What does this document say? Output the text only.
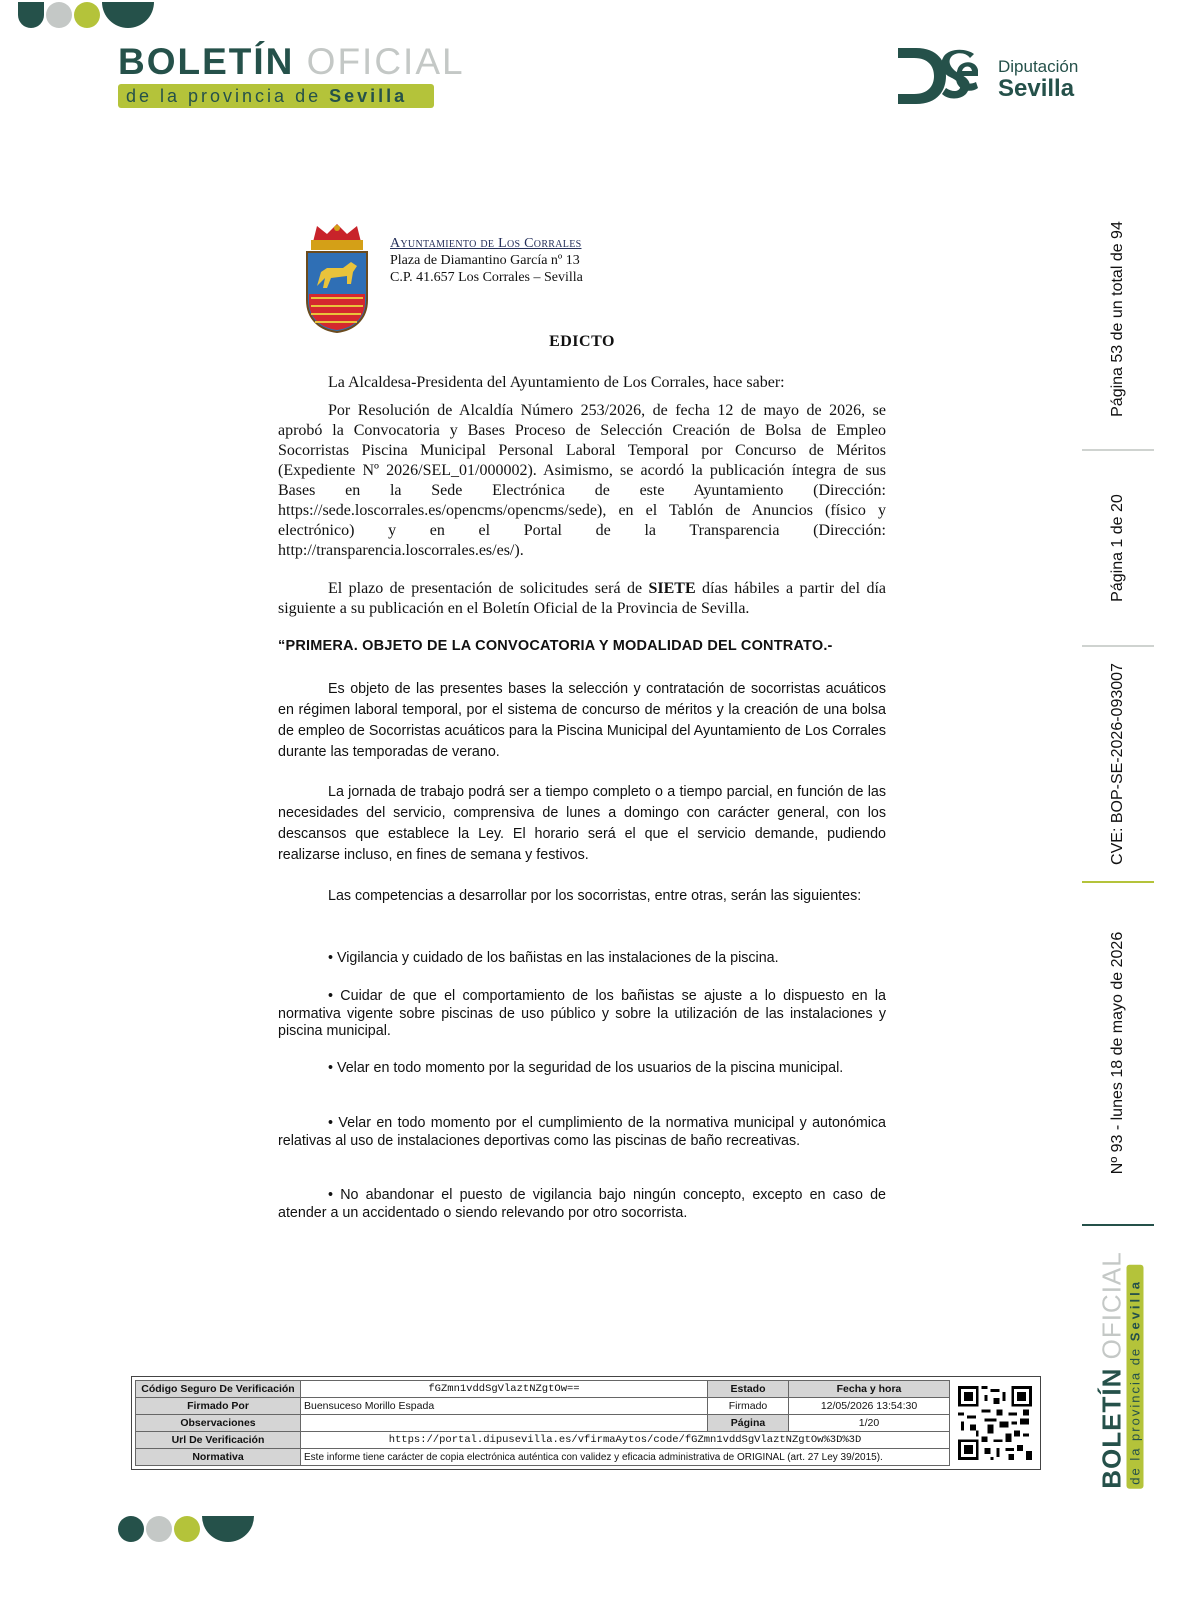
BOLETÍN OFICIAL
de la provincia de Sevilla
Diputación
Sevilla
Página 53 de un total de 94
Página 1 de 20
CVE: BOP-SE-2026-093007
Nº 93 - lunes 18 de mayo de 2026
Ayuntamiento de Los Corrales
Plaza de Diamantino García nº 13
C.P. 41.657 Los Corrales – Sevilla
EDICTO
La Alcaldesa-Presidenta del Ayuntamiento de Los Corrales, hace saber:
Por Resolución de Alcaldía Número 253/2026, de fecha 12 de mayo de 2026, se aprobó la Convocatoria y Bases Proceso de Selección Creación de Bolsa de Empleo Socorristas Piscina Municipal Personal Laboral Temporal por Concurso de Méritos (Expediente Nº 2026/SEL_01/000002). Asimismo, se acordó la publicación íntegra de sus Bases en la Sede Electrónica de este Ayuntamiento (Dirección: https://sede.loscorrales.es/opencms/opencms/sede), en el Tablón de Anuncios (físico y electrónico) y en el Portal de la Transparencia (Dirección: http://transparencia.loscorrales.es/es/).
El plazo de presentación de solicitudes será de SIETE días hábiles a partir del día siguiente a su publicación en el Boletín Oficial de la Provincia de Sevilla.
“PRIMERA. OBJETO DE LA CONVOCATORIA Y MODALIDAD DEL CONTRATO.-
Es objeto de las presentes bases la selección y contratación de socorristas acuáticos en régimen laboral temporal, por el sistema de concurso de méritos y la creación de una bolsa de empleo de Socorristas acuáticos para la Piscina Municipal del Ayuntamiento de Los Corrales durante las temporadas de verano.
La jornada de trabajo podrá ser a tiempo completo o a tiempo parcial, en función de las necesidades del servicio, comprensiva de lunes a domingo con carácter general, con los descansos que establece la Ley. El horario será el que el servicio demande, pudiendo realizarse incluso, en fines de semana y festivos.
Las competencias a desarrollar por los socorristas, entre otras, serán las siguientes:
• Vigilancia y cuidado de los bañistas en las instalaciones de la piscina.
• Cuidar de que el comportamiento de los bañistas se ajuste a lo dispuesto en la normativa vigente sobre piscinas de uso público y sobre la utilización de las instalaciones y piscina municipal.
• Velar en todo momento por la seguridad de los usuarios de la piscina municipal.
• Velar en todo momento por el cumplimiento de la normativa municipal y autonómica relativas al uso de instalaciones deportivas como las piscinas de baño recreativas.
• No abandonar el puesto de vigilancia bajo ningún concepto, excepto en caso de atender a un accidentado o siendo relevando por otro socorrista.
Código Seguro De Verificación	fGZmn1vddSgVlaztNZgtOw==	Estado	Fecha y hora
Firmado Por	Buensuceso Morillo Espada	Firmado	12/05/2026 13:54:30
Observaciones		Página	1/20
Url De Verificación	https://portal.dipusevilla.es/vfirmaAytos/code/fGZmn1vddSgVlaztNZgtOw%3D%3D		
Normativa	Este informe tiene carácter de copia electrónica auténtica con validez y eficacia administrativa de ORIGINAL (art. 27 Ley 39/2015).			BOLETÍN OFICIAL
de la provincia de Sevilla
